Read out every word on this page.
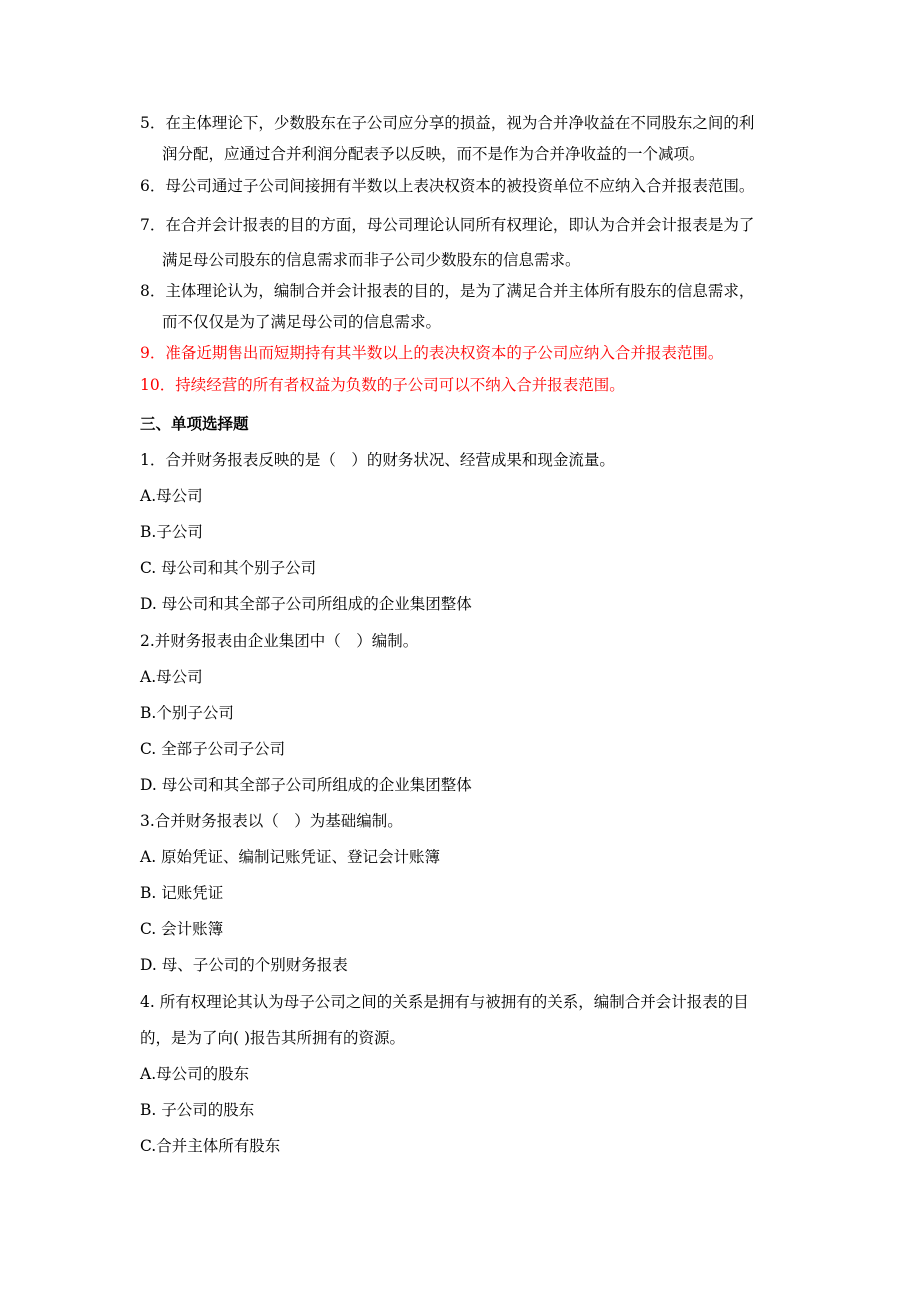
5．在主体理论下，少数股东在子公司应分享的损益，视为合并净收益在不同股东之间的利
润分配，应通过合并利润分配表予以反映，而不是作为合并净收益的一个减项。
6．母公司通过子公司间接拥有半数以上表决权资本的被投资单位不应纳入合并报表范围。
7．在合并会计报表的目的方面，母公司理论认同所有权理论，即认为合并会计报表是为了
满足母公司股东的信息需求而非子公司少数股东的信息需求。
8．主体理论认为，编制合并会计报表的目的，是为了满足合并主体所有股东的信息需求，
而不仅仅是为了满足母公司的信息需求。
9．准备近期售出而短期持有其半数以上的表决权资本的子公司应纳入合并报表范围。
10．持续经营的所有者权益为负数的子公司可以不纳入合并报表范围。
三、单项选择题
1．合并财务报表反映的是（　）的财务状况、经营成果和现金流量。
A.母公司
B.子公司
C. 母公司和其个别子公司
D. 母公司和其全部子公司所组成的企业集团整体
2.并财务报表由企业集团中（　）编制。
A.母公司
B.个别子公司
C. 全部子公司子公司
D. 母公司和其全部子公司所组成的企业集团整体
3.合并财务报表以（　）为基础编制。
A. 原始凭证、编制记账凭证、登记会计账簿
B. 记账凭证
C. 会计账簿
D. 母、子公司的个别财务报表
4. 所有权理论其认为母子公司之间的关系是拥有与被拥有的关系，编制合并会计报表的目
的，是为了向( )报告其所拥有的资源。
A.母公司的股东
B. 子公司的股东
C.合并主体所有股东
